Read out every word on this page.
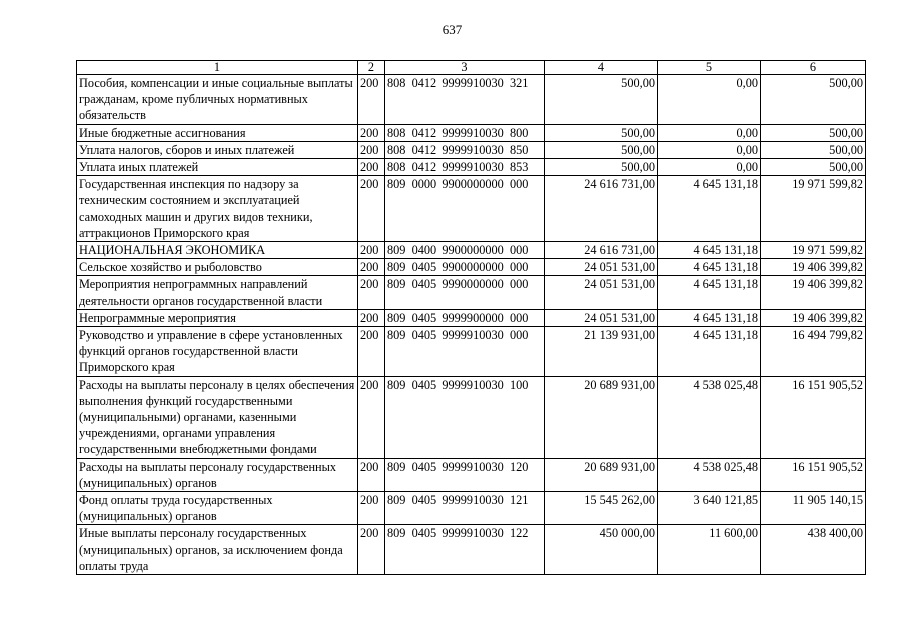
637
1	2	3	4	5	6
Пособия, компенсации и иные социальные выплаты гражданам, кроме публичных нормативных обязательств	200	808  0412  9999910030  321	500,00	0,00	500,00
Иные бюджетные ассигнования	200	808  0412  9999910030  800	500,00	0,00	500,00
Уплата налогов, сборов и иных платежей	200	808  0412  9999910030  850	500,00	0,00	500,00
Уплата иных платежей	200	808  0412  9999910030  853	500,00	0,00	500,00
Государственная инспекция по надзору за техническим состоянием и эксплуатацией самоходных машин и других видов техники, аттракционов Приморского края	200	809  0000  9900000000  000	24 616 731,00	4 645 131,18	19 971 599,82
НАЦИОНАЛЬНАЯ ЭКОНОМИКА	200	809  0400  9900000000  000	24 616 731,00	4 645 131,18	19 971 599,82
Сельское хозяйство и рыболовство	200	809  0405  9900000000  000	24 051 531,00	4 645 131,18	19 406 399,82
Мероприятия непрограммных направлений деятельности органов государственной власти	200	809  0405  9990000000  000	24 051 531,00	4 645 131,18	19 406 399,82
Непрограммные мероприятия	200	809  0405  9999900000  000	24 051 531,00	4 645 131,18	19 406 399,82
Руководство и управление в сфере установленных функций органов государственной власти Приморского края	200	809  0405  9999910030  000	21 139 931,00	4 645 131,18	16 494 799,82
Расходы на выплаты персоналу в целях обеспечения выполнения функций государственными (муниципальными) органами, казенными учреждениями, органами управления государственными внебюджетными фондами	200	809  0405  9999910030  100	20 689 931,00	4 538 025,48	16 151 905,52
Расходы на выплаты персоналу государственных (муниципальных) органов	200	809  0405  9999910030  120	20 689 931,00	4 538 025,48	16 151 905,52
Фонд оплаты труда государственных (муниципальных) органов	200	809  0405  9999910030  121	15 545 262,00	3 640 121,85	11 905 140,15
Иные выплаты персоналу государственных (муниципальных) органов, за исключением фонда оплаты труда	200	809  0405  9999910030  122	450 000,00	11 600,00	438 400,00
